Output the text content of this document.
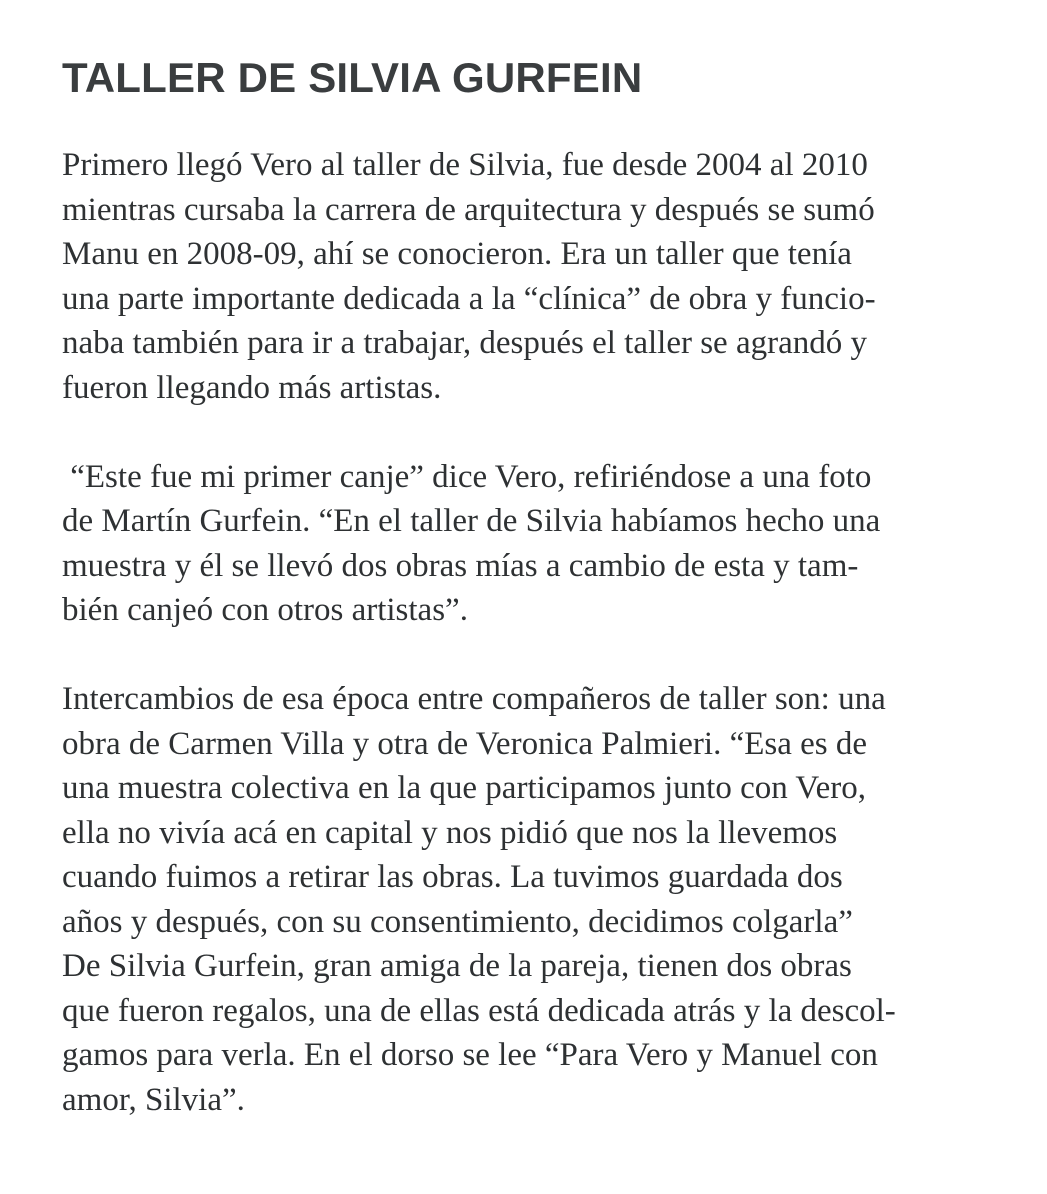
TALLER DE SILVIA GURFEIN

Primero llegó Vero al taller de Silvia, fue desde 2004 al 2010
mientras cursaba la carrera de arquitectura y después se sumó
Manu en 2008-09, ahí se conocieron. Era un taller que tenía
una parte importante dedicada a la “clínica” de obra y funcio-
naba también para ir a trabajar, después el taller se agrandó y
fueron llegando más artistas.

“Este fue mi primer canje” dice Vero, refiriéndose a una foto
de Martín Gurfein. “En el taller de Silvia habíamos hecho una
muestra y él se llevó dos obras mías a cambio de esta y tam-
bién canjeó con otros artistas”.

Intercambios de esa época entre compañeros de taller son: una
obra de Carmen Villa y otra de Veronica Palmieri. “Esa es de
una muestra colectiva en la que participamos junto con Vero,
ella no vivía acá en capital y nos pidió que nos la llevemos
cuando fuimos a retirar las obras. La tuvimos guardada dos
años y después, con su consentimiento, decidimos colgarla”
De Silvia Gurfein, gran amiga de la pareja, tienen dos obras
que fueron regalos, una de ellas está dedicada atrás y la descol-
gamos para verla. En el dorso se lee “Para Vero y Manuel con
amor, Silvia”.
